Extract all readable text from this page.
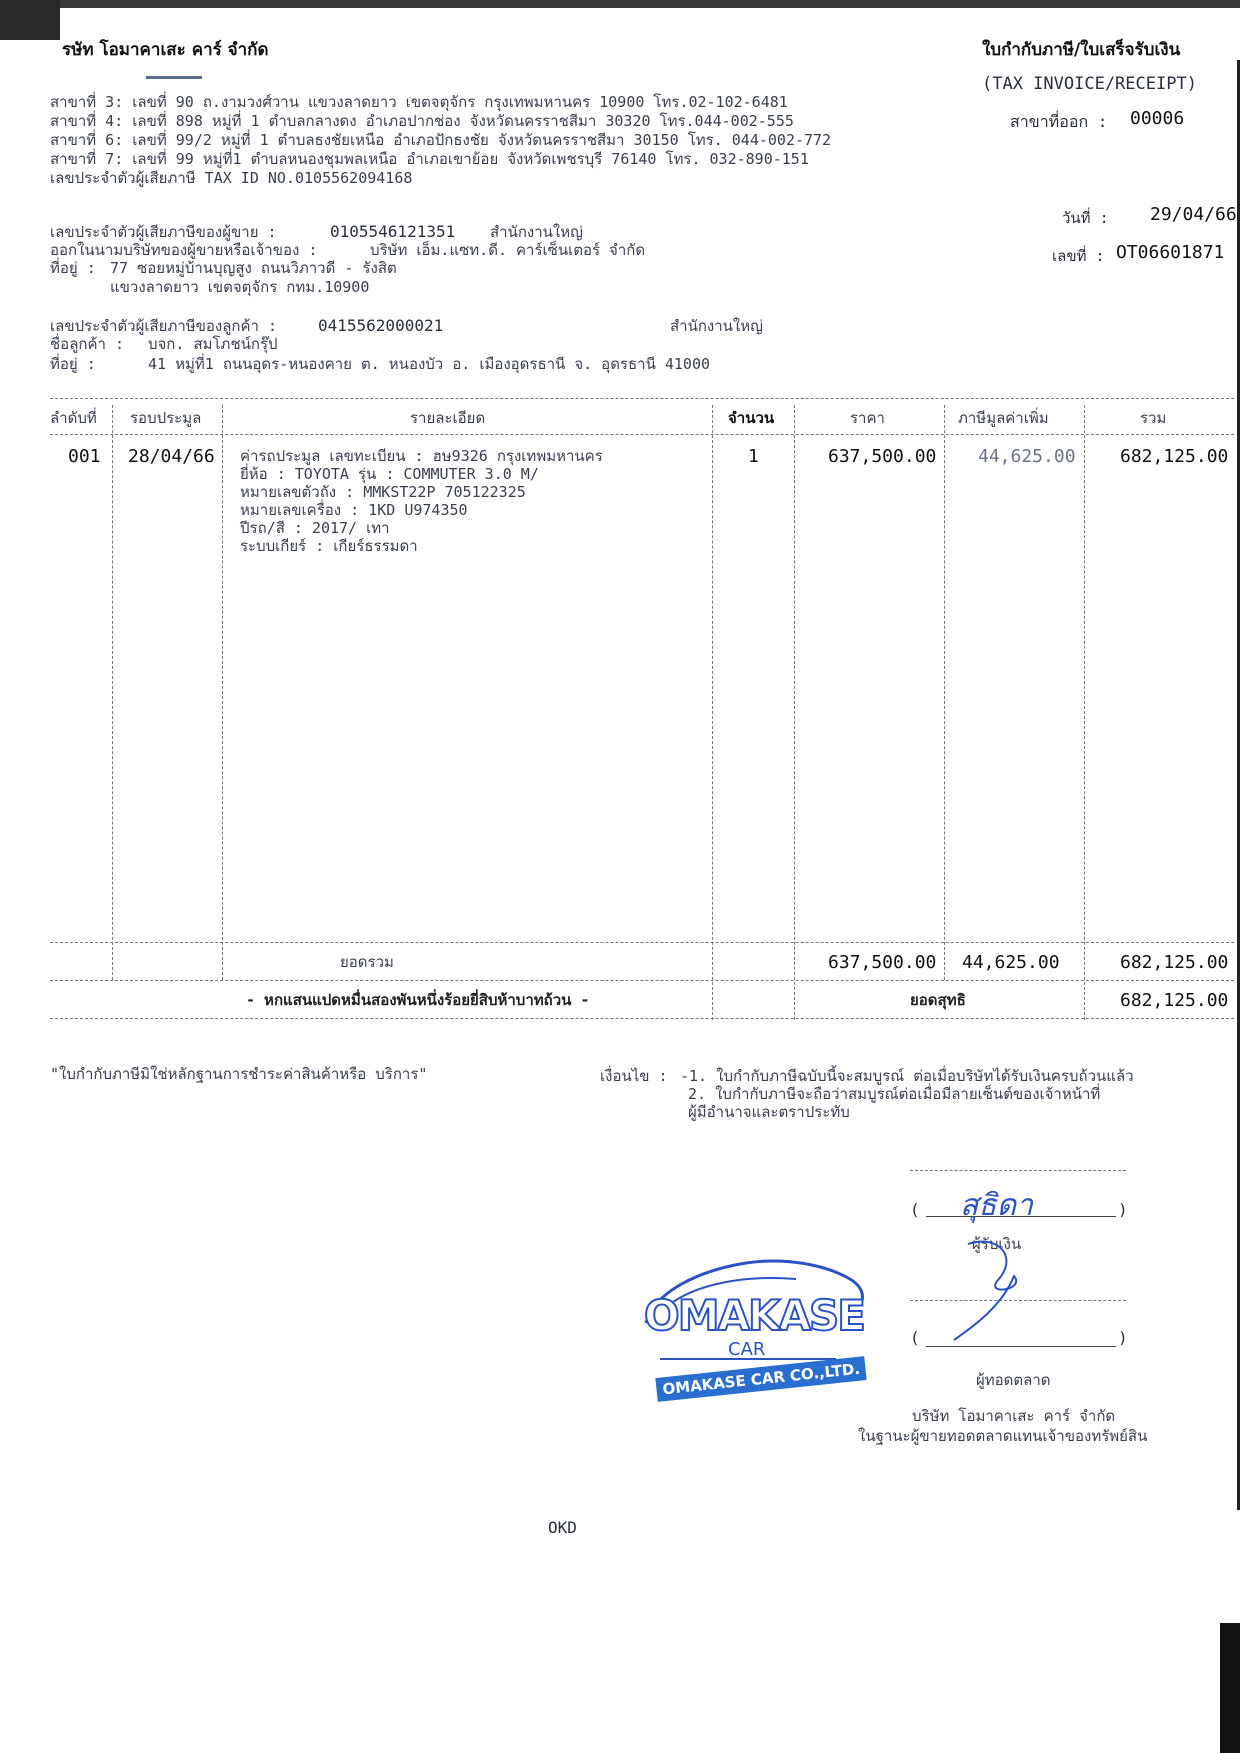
รษัท โอมาคาเสะ คาร์ จำกัด	ใบกำกับภาษี/ใบเสร็จรับเงิน
(TAX INVOICE/RECEIPT)
สาขาที่ออก : 00006
สาขาที่ 3: เลขที่ 90 ถ.งามวงศ์วาน แขวงลาดยาว เขตจตุจักร กรุงเทพมหานคร 10900 โทร.02-102-6481
สาขาที่ 4: เลขที่ 898 หมู่ที่ 1 ตำบลกลางดง อำเภอปากช่อง จังหวัดนครราชสีมา 30320 โทร.044-002-555
สาขาที่ 6: เลขที่ 99/2 หมู่ที่ 1 ตำบลธงชัยเหนือ อำเภอปักธงชัย จังหวัดนครราชสีมา 30150 โทร. 044-002-772
สาขาที่ 7: เลขที่ 99 หมู่ที่1 ตำบลหนองชุมพลเหนือ อำเภอเขาย้อย จังหวัดเพชรบุรี 76140 โทร. 032-890-151
เลขประจำตัวผู้เสียภาษี TAX ID NO.0105562094168
วันที่ : 29/04/66
เลขที่ : OT06601871
เลขประจำตัวผู้เสียภาษีของผู้ขาย :	0105546121351 สำนักงานใหญ่
ออกในนามบริษัทของผู้ขายหรือเจ้าของ :	บริษัท เอ็ม.แซท.ดี. คาร์เซ็นเตอร์ จำกัด
ที่อยู่ : 77 ซอยหมู่บ้านบุญสูง ถนนวิภาวดี - รังสิต
แขวงลาดยาว เขตจตุจักร กทม.10900
เลขประจำตัวผู้เสียภาษีของลูกค้า :	0415562000021	สำนักงานใหญ่
ชื่อลูกค้า : บจก. สมโภชน์กรุ๊ป
ที่อยู่ :	41 หมู่ที่1 ถนนอุดร-หนองคาย ต. หนองบัว อ. เมืองอุดรธานี จ. อุดรธานี 41000
ลำดับที่ รอบประมูล	รายละเอียด	จำนวน	ราคา	ภาษีมูลค่าเพิ่ม	รวม
001 28/04/66 ค่ารถประมูล เลขทะเบียน : ฮษ9326 กรุงเทพมหานคร
ยี่ห้อ : TOYOTA รุ่น : COMMUTER 3.0 M/
หมายเลขตัวถัง : MMKST22P 705122325
หมายเลขเครื่อง : 1KD U974350
ปีรถ/สี : 2017/ เทา
ระบบเกียร์ : เกียร์ธรรมดา
1	637,500.00 44,625.00 682,125.00
ยอดรวม	637,500.00 44,625.00	682,125.00
- หกแสนแปดหมื่นสองพันหนึ่งร้อยยี่สิบห้าบาทถ้วน -	ยอดสุทธิ	682,125.00
"ใบกำกับภาษีมิใช่หลักฐานการชำระค่าสินค้าหรือ บริการ"	เงื่อนไข : -1. ใบกำกับภาษีฉบับนี้จะสมบูรณ์ ต่อเมื่อบริษัทได้รับเงินครบถ้วนแล้ว
2. ใบกำกับภาษีจะถือว่าสมบูรณ์ต่อเมื่อมีลายเซ็นต์ของเจ้าหน้าที่
ผู้มีอำนาจและตราประทับ
(	)
สุธิดา
ผู้รับเงิน
(	)
ผู้ทอดตลาด
บริษัท โอมาคาเสะ คาร์ จำกัด
ในฐานะผู้ขายทอดตลาดแทนเจ้าของทรัพย์สิน
OMAKASE
CAR
OMAKASE CAR CO.,LTD.
OKD
